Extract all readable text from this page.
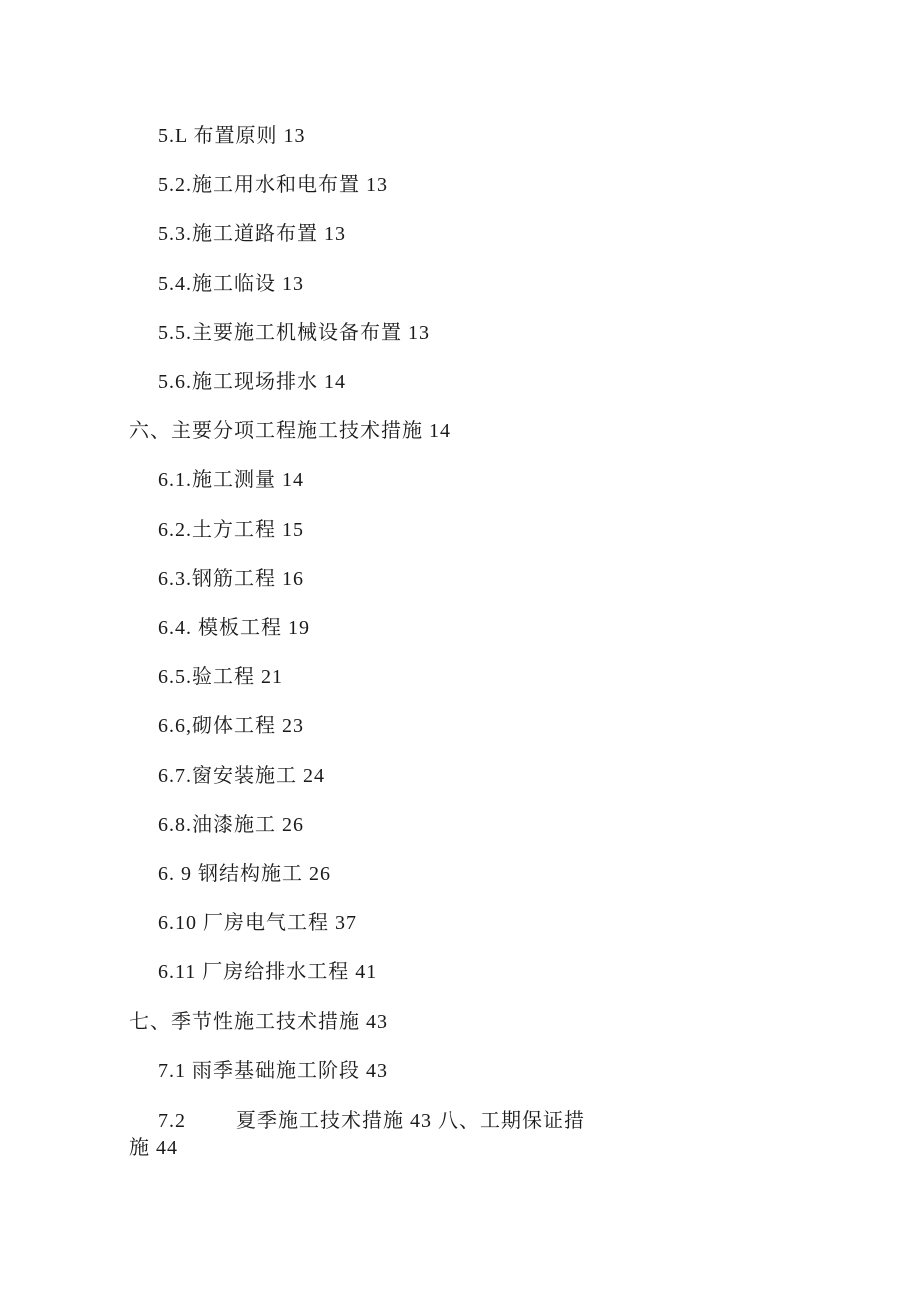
5.L 布置原则 13
5.2.施工用水和电布置 13
5.3.施工道路布置 13
5.4.施工临设 13
5.5.主要施工机械设备布置 13
5.6.施工现场排水 14
六、主要分项工程施工技术措施 14
6.1.施工测量 14
6.2.土方工程 15
6.3.钢筋工程 16
6.4. 模板工程 19
6.5.验工程 21
6.6,砌体工程 23
6.7.窗安装施工 24
6.8.油漆施工 26
6. 9 钢结构施工 26
6.10 厂房电气工程 37
6.11 厂房给排水工程 41
七、季节性施工技术措施 43
7.1 雨季基础施工阶段 43
7.2	夏季施工技术措施 43 八、工期保证措
施 44
